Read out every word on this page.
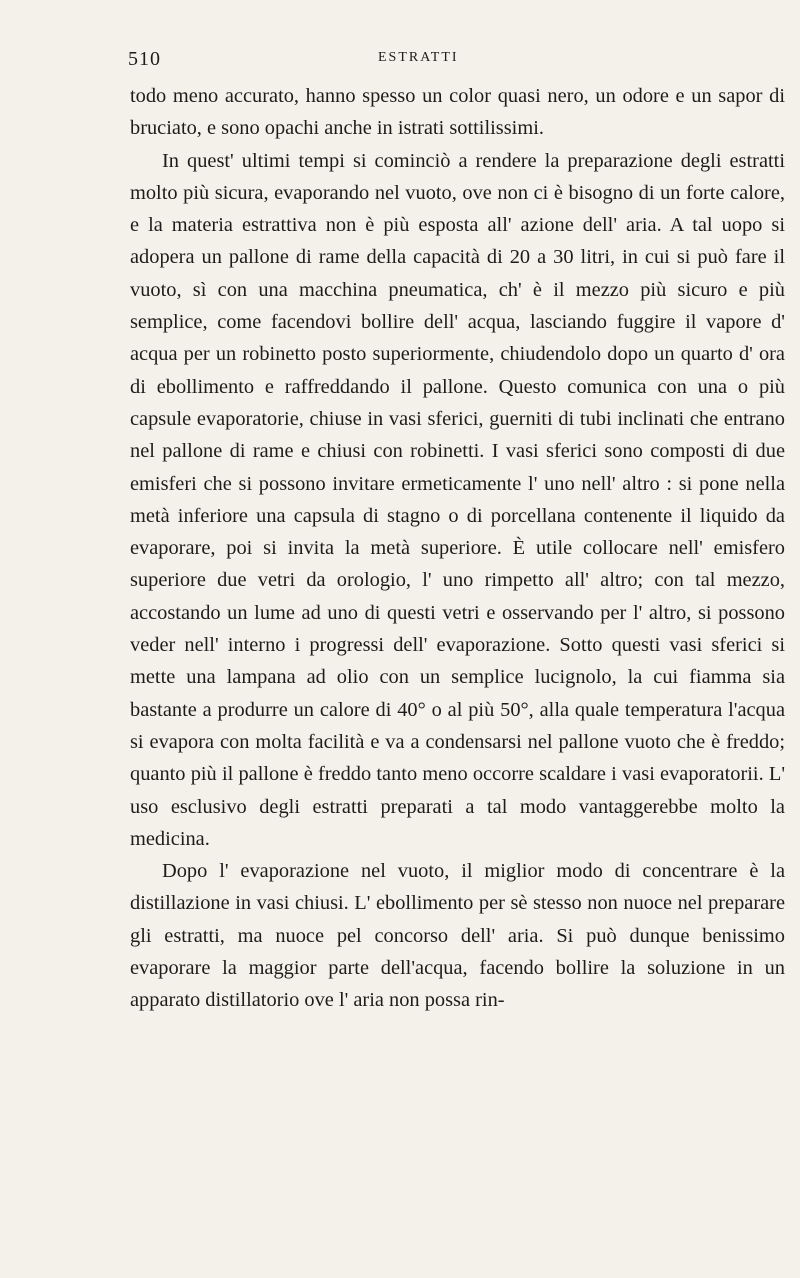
510	ESTRATTI

todo meno accurato, hanno spesso un color quasi nero, un odore e un sapor di bruciato, e sono opachi anche in istrati sottilissimi.

In quest' ultimi tempi si cominciò a rendere la preparazione degli estratti molto più sicura, evaporando nel vuoto, ove non ci è bisogno di un forte calore, e la materia estrattiva non è più esposta all' azione dell' aria. A tal uopo si adopera un pallone di rame della capacità di 20 a 30 litri, in cui si può fare il vuoto, sì con una macchina pneumatica, ch' è il mezzo più sicuro e più semplice, come facendovi bollire dell' acqua, lasciando fuggire il vapore d' acqua per un robinetto posto superiormente, chiudendolo dopo un quarto d' ora di ebollimento e raffreddando il pallone. Questo comunica con una o più capsule evaporatorie, chiuse in vasi sferici, guerniti di tubi inclinati che entrano nel pallone di rame e chiusi con robinetti. I vasi sferici sono composti di due emisferi che si possono invitare ermeticamente l' uno nell' altro : si pone nella metà inferiore una capsula di stagno o di porcellana contenente il liquido da evaporare, poi si invita la metà superiore. È utile collocare nell' emisfero superiore due vetri da orologio, l' uno rimpetto all' altro; con tal mezzo, accostando un lume ad uno di questi vetri e osservando per l' altro, si possono veder nell' interno i progressi dell' evaporazione. Sotto questi vasi sferici si mette una lampana ad olio con un semplice lucignolo, la cui fiamma sia bastante a produrre un calore di 40° o al più 50°, alla quale temperatura l'acqua si evapora con molta facilità e va a condensarsi nel pallone vuoto che è freddo; quanto più il pallone è freddo tanto meno occorre scaldare i vasi evaporatorii. L' uso esclusivo degli estratti preparati a tal modo vantaggerebbe molto la medicina.

Dopo l' evaporazione nel vuoto, il miglior modo di concentrare è la distillazione in vasi chiusi. L' ebollimento per sè stesso non nuoce nel preparare gli estratti, ma nuoce pel concorso dell' aria. Si può dunque benissimo evaporare la maggior parte dell'acqua, facendo bollire la soluzione in un apparato distillatorio ove l' aria non possa rin-
